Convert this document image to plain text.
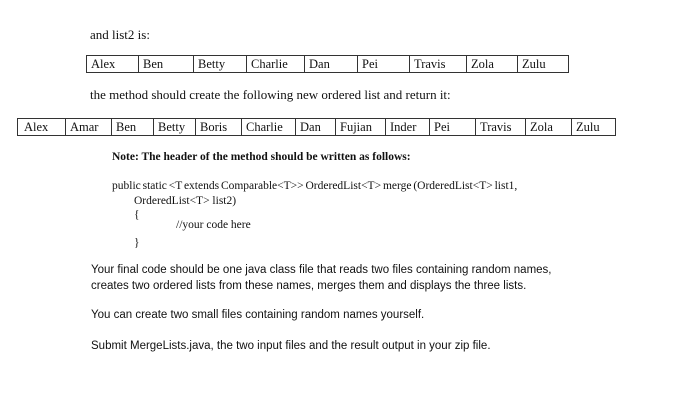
and list2 is:
Alex	Ben	Betty	Charlie	Dan	Pei	Travis	Zola	Zulu
the method should create the following new ordered list and return it:
Alex	Amar	Ben	Betty	Boris	Charlie	Dan	Fujian	Inder	Pei	Travis	Zola	Zulu
Note: The header of the method should be written as follows:
public static <T extends Comparable<T>> OrderedList<T> merge (OrderedList<T> list1,
OrderedList<T> list2)
{
//your code here
}
Your final code should be one java class file that reads two files containing random names,
creates two ordered lists from these names, merges them and displays the three lists.
You can create two small files containing random names yourself.
Submit MergeLists.java, the two input files and the result output in your zip file.
